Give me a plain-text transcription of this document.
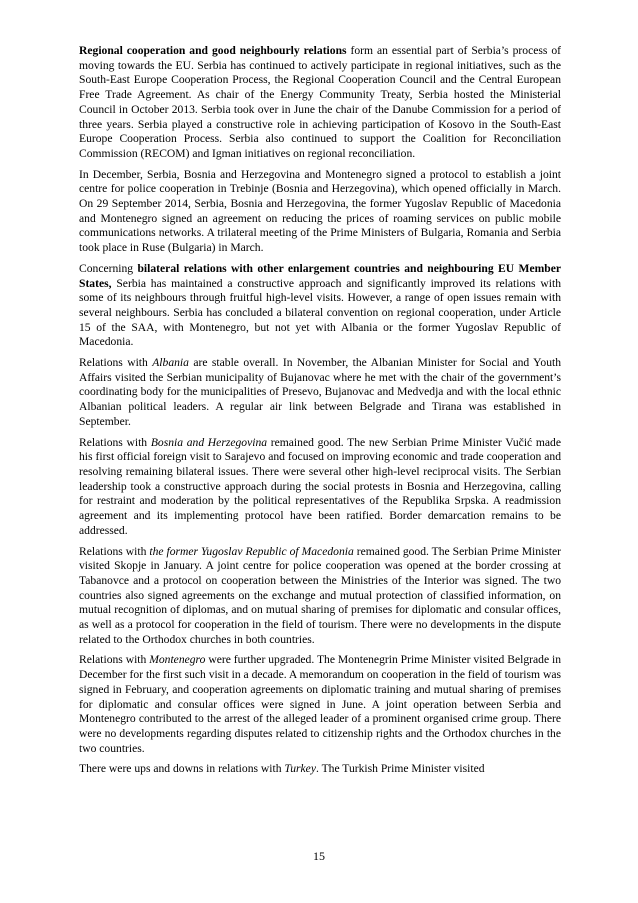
Regional cooperation and good neighbourly relations form an essential part of Serbia’s process of moving towards the EU. Serbia has continued to actively participate in regional initiatives, such as the South-East Europe Cooperation Process, the Regional Cooperation Council and the Central European Free Trade Agreement. As chair of the Energy Community Treaty, Serbia hosted the Ministerial Council in October 2013. Serbia took over in June the chair of the Danube Commission for a period of three years. Serbia played a constructive role in achieving participation of Kosovo in the South-East Europe Cooperation Process. Serbia also continued to support the Coalition for Reconciliation Commission (RECOM) and Igman initiatives on regional reconciliation.

In December, Serbia, Bosnia and Herzegovina and Montenegro signed a protocol to establish a joint centre for police cooperation in Trebinje (Bosnia and Herzegovina), which opened officially in March. On 29 September 2014, Serbia, Bosnia and Herzegovina, the former Yugoslav Republic of Macedonia and Montenegro signed an agreement on reducing the prices of roaming services on public mobile communications networks. A trilateral meeting of the Prime Ministers of Bulgaria, Romania and Serbia took place in Ruse (Bulgaria) in March.

Concerning bilateral relations with other enlargement countries and neighbouring EU Member States, Serbia has maintained a constructive approach and significantly improved its relations with some of its neighbours through fruitful high-level visits. However, a range of open issues remain with several neighbours. Serbia has concluded a bilateral convention on regional cooperation, under Article 15 of the SAA, with Montenegro, but not yet with Albania or the former Yugoslav Republic of Macedonia.

Relations with Albania are stable overall. In November, the Albanian Minister for Social and Youth Affairs visited the Serbian municipality of Bujanovac where he met with the chair of the government’s coordinating body for the municipalities of Presevo, Bujanovac and Medvedja and with the local ethnic Albanian political leaders. A regular air link between Belgrade and Tirana was established in September.

Relations with Bosnia and Herzegovina remained good. The new Serbian Prime Minister Vučić made his first official foreign visit to Sarajevo and focused on improving economic and trade cooperation and resolving remaining bilateral issues. There were several other high-level reciprocal visits. The Serbian leadership took a constructive approach during the social protests in Bosnia and Herzegovina, calling for restraint and moderation by the political representatives of the Republika Srpska. A readmission agreement and its implementing protocol have been ratified. Border demarcation remains to be addressed.

Relations with the former Yugoslav Republic of Macedonia remained good. The Serbian Prime Minister visited Skopje in January. A joint centre for police cooperation was opened at the border crossing at Tabanovce and a protocol on cooperation between the Ministries of the Interior was signed. The two countries also signed agreements on the exchange and mutual protection of classified information, on mutual recognition of diplomas, and on mutual sharing of premises for diplomatic and consular offices, as well as a protocol for cooperation in the field of tourism. There were no developments in the dispute related to the Orthodox churches in both countries.

Relations with Montenegro were further upgraded. The Montenegrin Prime Minister visited Belgrade in December for the first such visit in a decade. A memorandum on cooperation in the field of tourism was signed in February, and cooperation agreements on diplomatic training and mutual sharing of premises for diplomatic and consular offices were signed in June. A joint operation between Serbia and Montenegro contributed to the arrest of the alleged leader of a prominent organised crime group. There were no developments regarding disputes related to citizenship rights and the Orthodox churches in the two countries.

There were ups and downs in relations with Turkey. The Turkish Prime Minister visited

15
